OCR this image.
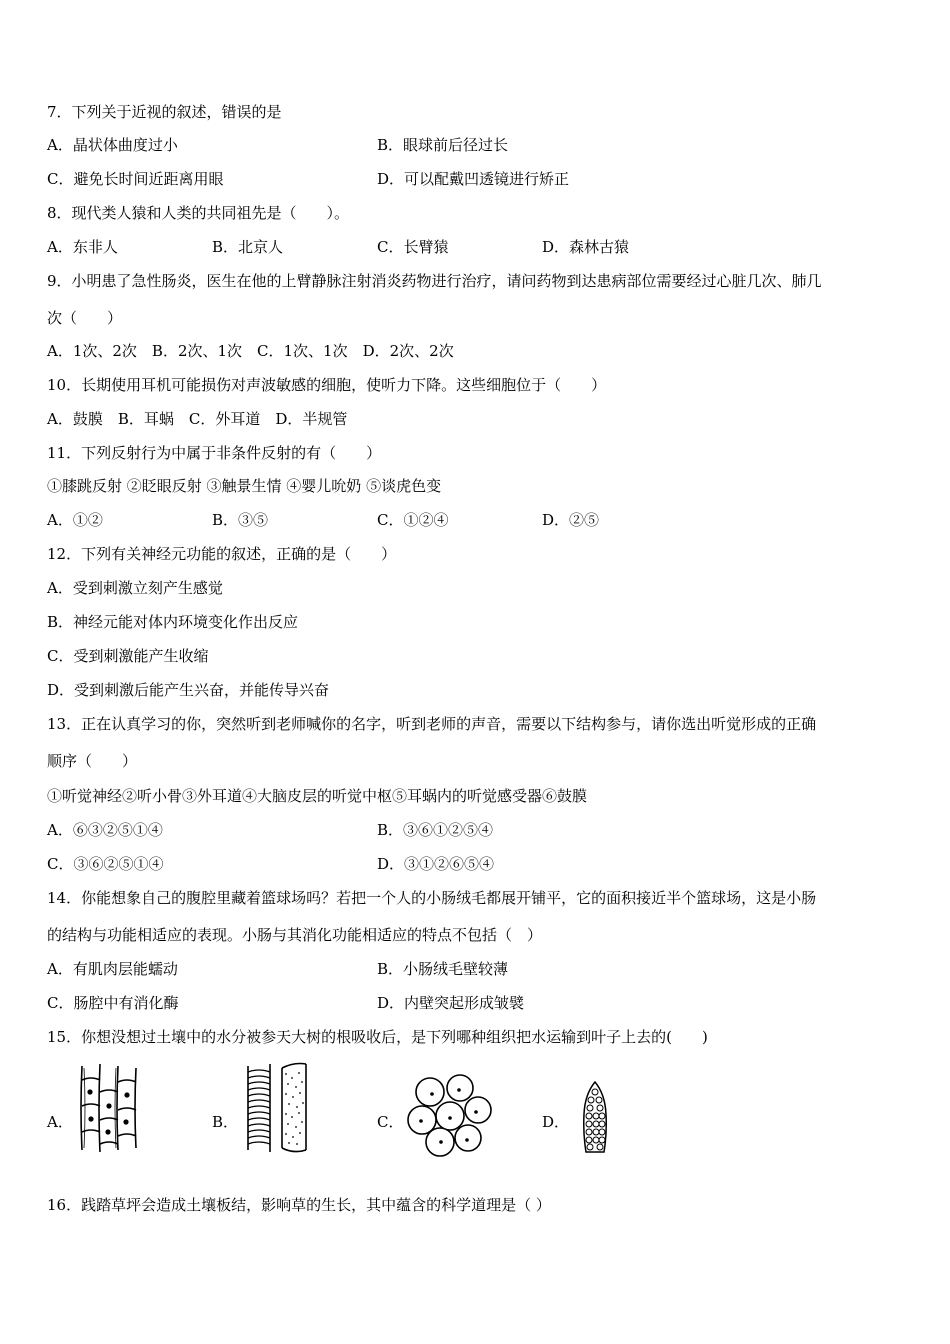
7．下列关于近视的叙述，错误的是
A．晶状体曲度过小	B．眼球前后径过长
C．避免长时间近距离用眼	D．可以配戴凹透镜进行矫正
8．现代类人猿和人类的共同祖先是（　　）。
A．东非人	B．北京人	C．长臂猿	D．森林古猿
9．小明患了急性肠炎，医生在他的上臂静脉注射消炎药物进行治疗，请问药物到达患病部位需要经过心脏几次、肺几
次（　　）
A．1次、2次　B．2次、1次　C．1次、1次　D．2次、2次
10．长期使用耳机可能损伤对声波敏感的细胞，使听力下降。这些细胞位于（　　）
A．鼓膜　B．耳蜗　C．外耳道　D．半规管
11．下列反射行为中属于非条件反射的有（　　）
①膝跳反射 ②眨眼反射 ③触景生情 ④婴儿吮奶 ⑤谈虎色变
A．①②	B．③⑤	C．①②④	D．②⑤
12．下列有关神经元功能的叙述，正确的是（　　）
A．受到刺激立刻产生感觉
B．神经元能对体内环境变化作出反应
C．受到刺激能产生收缩
D．受到刺激后能产生兴奋，并能传导兴奋
13．正在认真学习的你，突然听到老师喊你的名字，听到老师的声音，需要以下结构参与，请你选出听觉形成的正确
顺序（　　）
①听觉神经②听小骨③外耳道④大脑皮层的听觉中枢⑤耳蜗内的听觉感受器⑥鼓膜
A．⑥③②⑤①④	B．③⑥①②⑤④
C．③⑥②⑤①④	D．③①②⑥⑤④
14．你能想象自己的腹腔里藏着篮球场吗？若把一个人的小肠绒毛都展开铺平，它的面积接近半个篮球场，这是小肠
的结构与功能相适应的表现。小肠与其消化功能相适应的特点不包括（　）
A．有肌肉层能蠕动	B．小肠绒毛壁较薄
C．肠腔中有消化酶	D．内壁突起形成皱襞
15．你想没想过土壤中的水分被参天大树的根吸收后，是下列哪种组织把水运输到叶子上去的(　　)
A．	B．	C．	D．
16．践踏草坪会造成土壤板结，影响草的生长，其中蕴含的科学道理是（ ）
